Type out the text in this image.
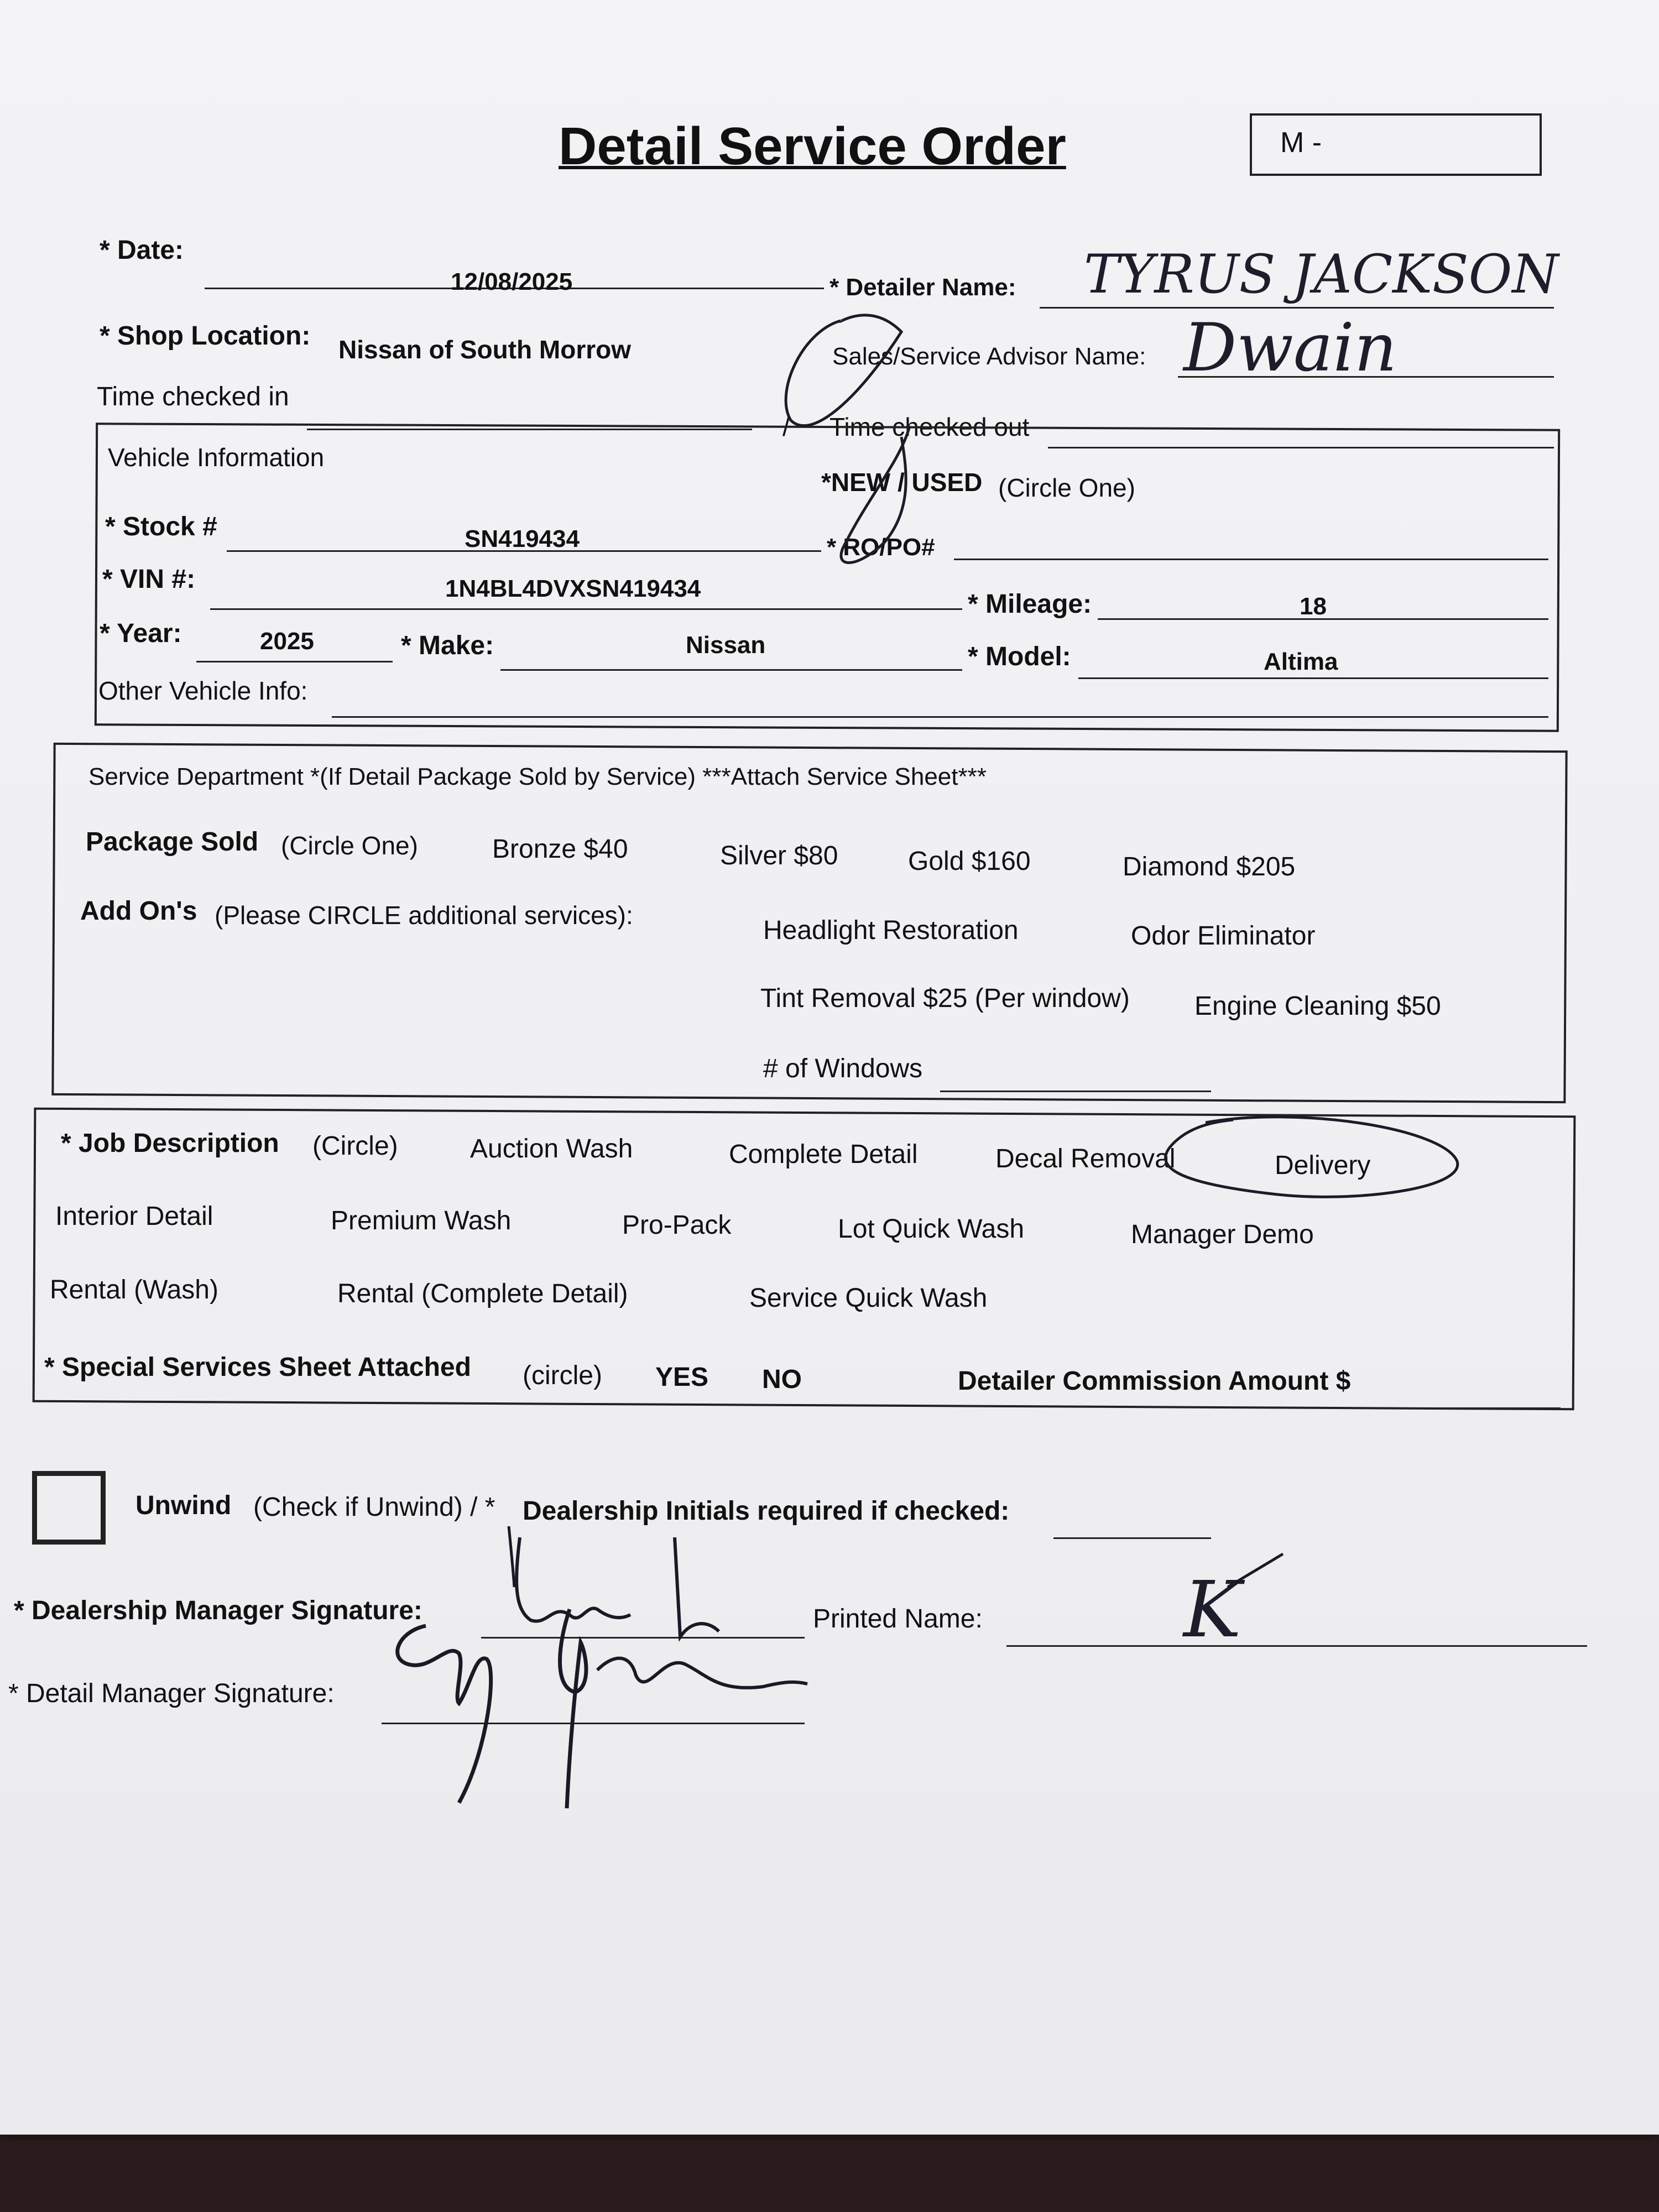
Detail Service Order	M -
* Date:
12/08/2025	* Detailer Name: TYRUS JACKSON
* Shop Location: Nissan of South Morrow	Sales/Service Advisor Name: Dwain
Time checked in
/ Time checked out
Vehicle Information
*NEW / USED (Circle One)
* Stock #	SN419434	* RO/PO#
* VIN #:	1N4BL4DVXSN419434
* Mileage:	18
* Year:	2025	* Make:	Nissan	* Model:	Altima
Other Vehicle Info:
Service Department *(If Detail Package Sold by Service) ***Attach Service Sheet***
Package Sold (Circle One)	Bronze $40	Silver $80	Gold $160	Diamond $205
Add On's (Please CIRCLE additional services):
Headlight Restoration	Odor Eliminator
Tint Removal $25 (Per window) Engine Cleaning $50
# of Windows
* Job Description (Circle)	Auction Wash	Complete Detail	Decal Removal	Delivery
Interior Detail	Premium Wash	Pro-Pack	Lot Quick Wash	Manager Demo
Rental (Wash)	Rental (Complete Detail)	Service Quick Wash
* Special Services Sheet Attached (circle) YES NO	Detailer Commission Amount $
Unwind (Check if Unwind) / * Dealership Initials required if checked:
* Dealership Manager Signature:	Printed Name:
* Detail Manager Signature:
K
